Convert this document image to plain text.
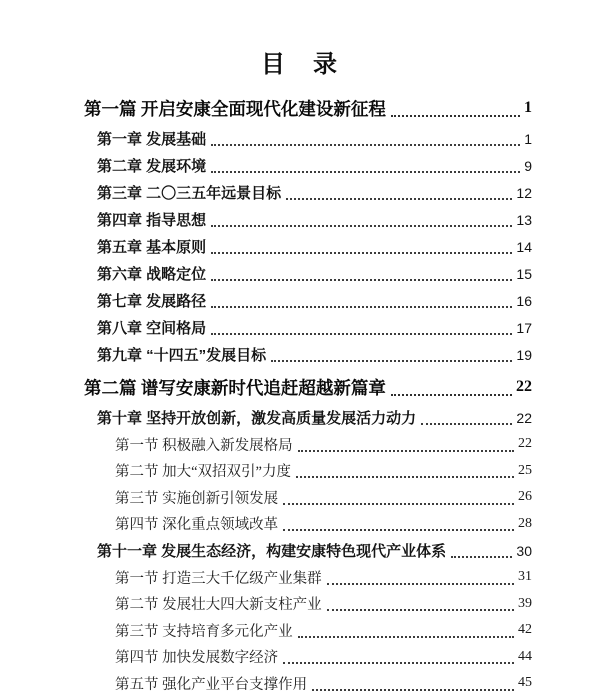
目　录
第一篇 开启安康全面现代化建设新征程	1
第一章 发展基础	1
第二章 发展环境	9
第三章 二〇三五年远景目标	12
第四章 指导思想	13
第五章 基本原则	14
第六章 战略定位	15
第七章 发展路径	16
第八章 空间格局	17
第九章 “十四五”发展目标	19
第二篇 谱写安康新时代追赶超越新篇章	22
第十章 坚持开放创新，激发高质量发展活力动力	22
第一节 积极融入新发展格局	22
第二节 加大“双招双引”力度	25
第三节 实施创新引领发展	26
第四节 深化重点领域改革	28
第十一章 发展生态经济，构建安康特色现代产业体系	30
第一节 打造三大千亿级产业集群	31
第二节 发展壮大四大新支柱产业	39
第三节 支持培育多元化产业	42
第四节 加快发展数字经济	44
第五节 强化产业平台支撑作用	45
